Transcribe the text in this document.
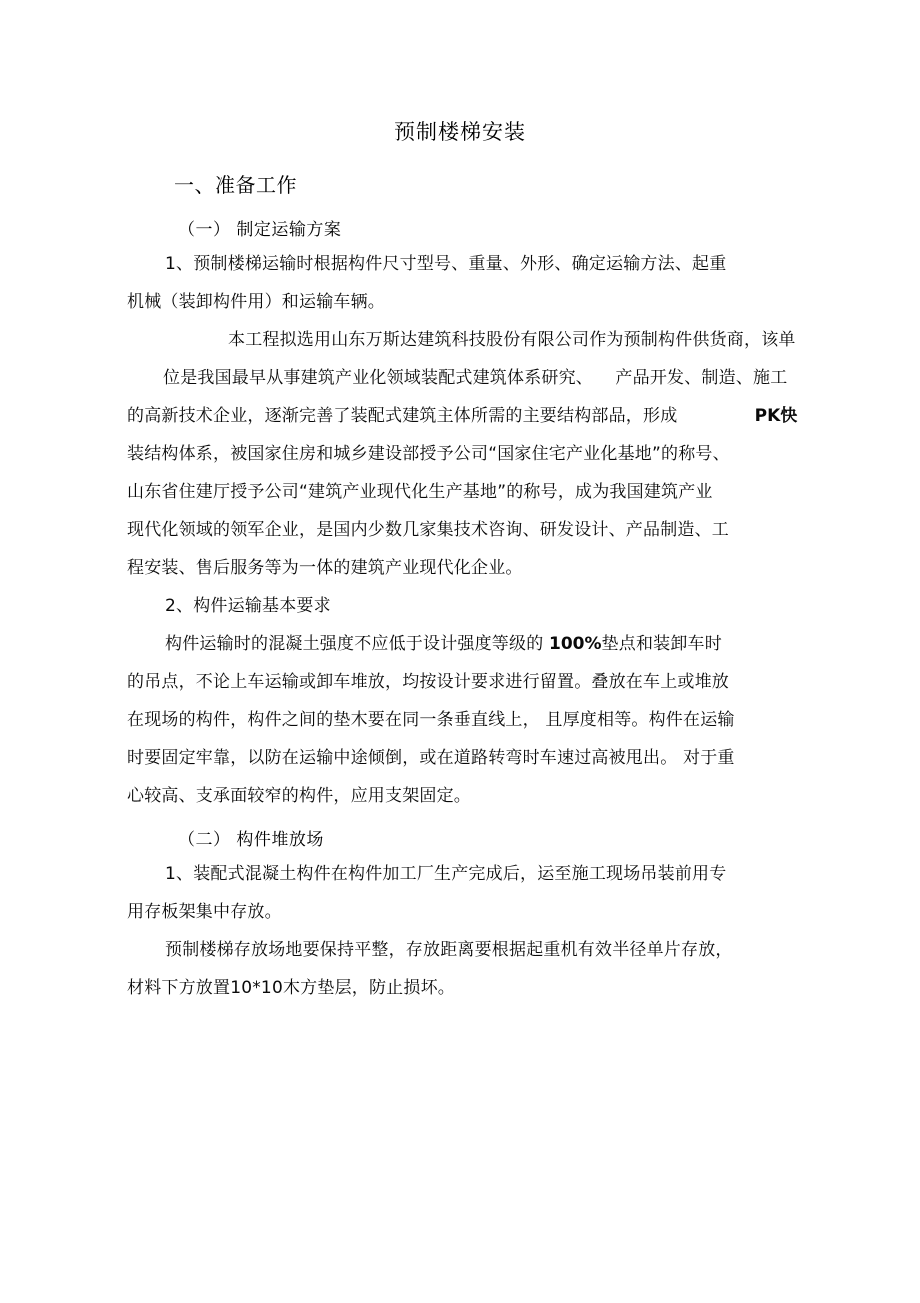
预制楼梯安装
一、准备工作
（一） 制定运输方案
1、预制楼梯运输时根据构件尺寸型号、重量、外形、确定运输方法、起重
机械（装卸构件用）和运输车辆。
本工程拟选用山东万斯达建筑科技股份有限公司作为预制构件供货商，该单
位是我国最早从事建筑产业化领域装配式建筑体系研究、    产品开发、制造、施工
的高新技术企业，逐渐完善了装配式建筑主体所需的主要结构部品，形成			PK快
装结构体系，被国家住房和城乡建设部授予公司“国家住宅产业化基地”的称号、
山东省住建厅授予公司“建筑产业现代化生产基地”的称号，成为我国建筑产业
现代化领域的领军企业，是国内少数几家集技术咨询、研发设计、产品制造、工
程安装、售后服务等为一体的建筑产业现代化企业。
2、构件运输基本要求
构件运输时的混凝土强度不应低于设计强度等级的 100%垫点和装卸车时
的吊点，不论上车运输或卸车堆放，均按设计要求进行留置。叠放在车上或堆放
在现场的构件，构件之间的垫木要在同一条垂直线上， 且厚度相等。构件在运输
时要固定牢靠，以防在运输中途倾倒，或在道路转弯时车速过高被甩出。 对于重
心较高、支承面较窄的构件，应用支架固定。
（二） 构件堆放场
1、装配式混凝土构件在构件加工厂生产完成后，运至施工现场吊装前用专
用存板架集中存放。
预制楼梯存放场地要保持平整，存放距离要根据起重机有效半径单片存放，
材料下方放置10*10木方垫层，防止损坏。
